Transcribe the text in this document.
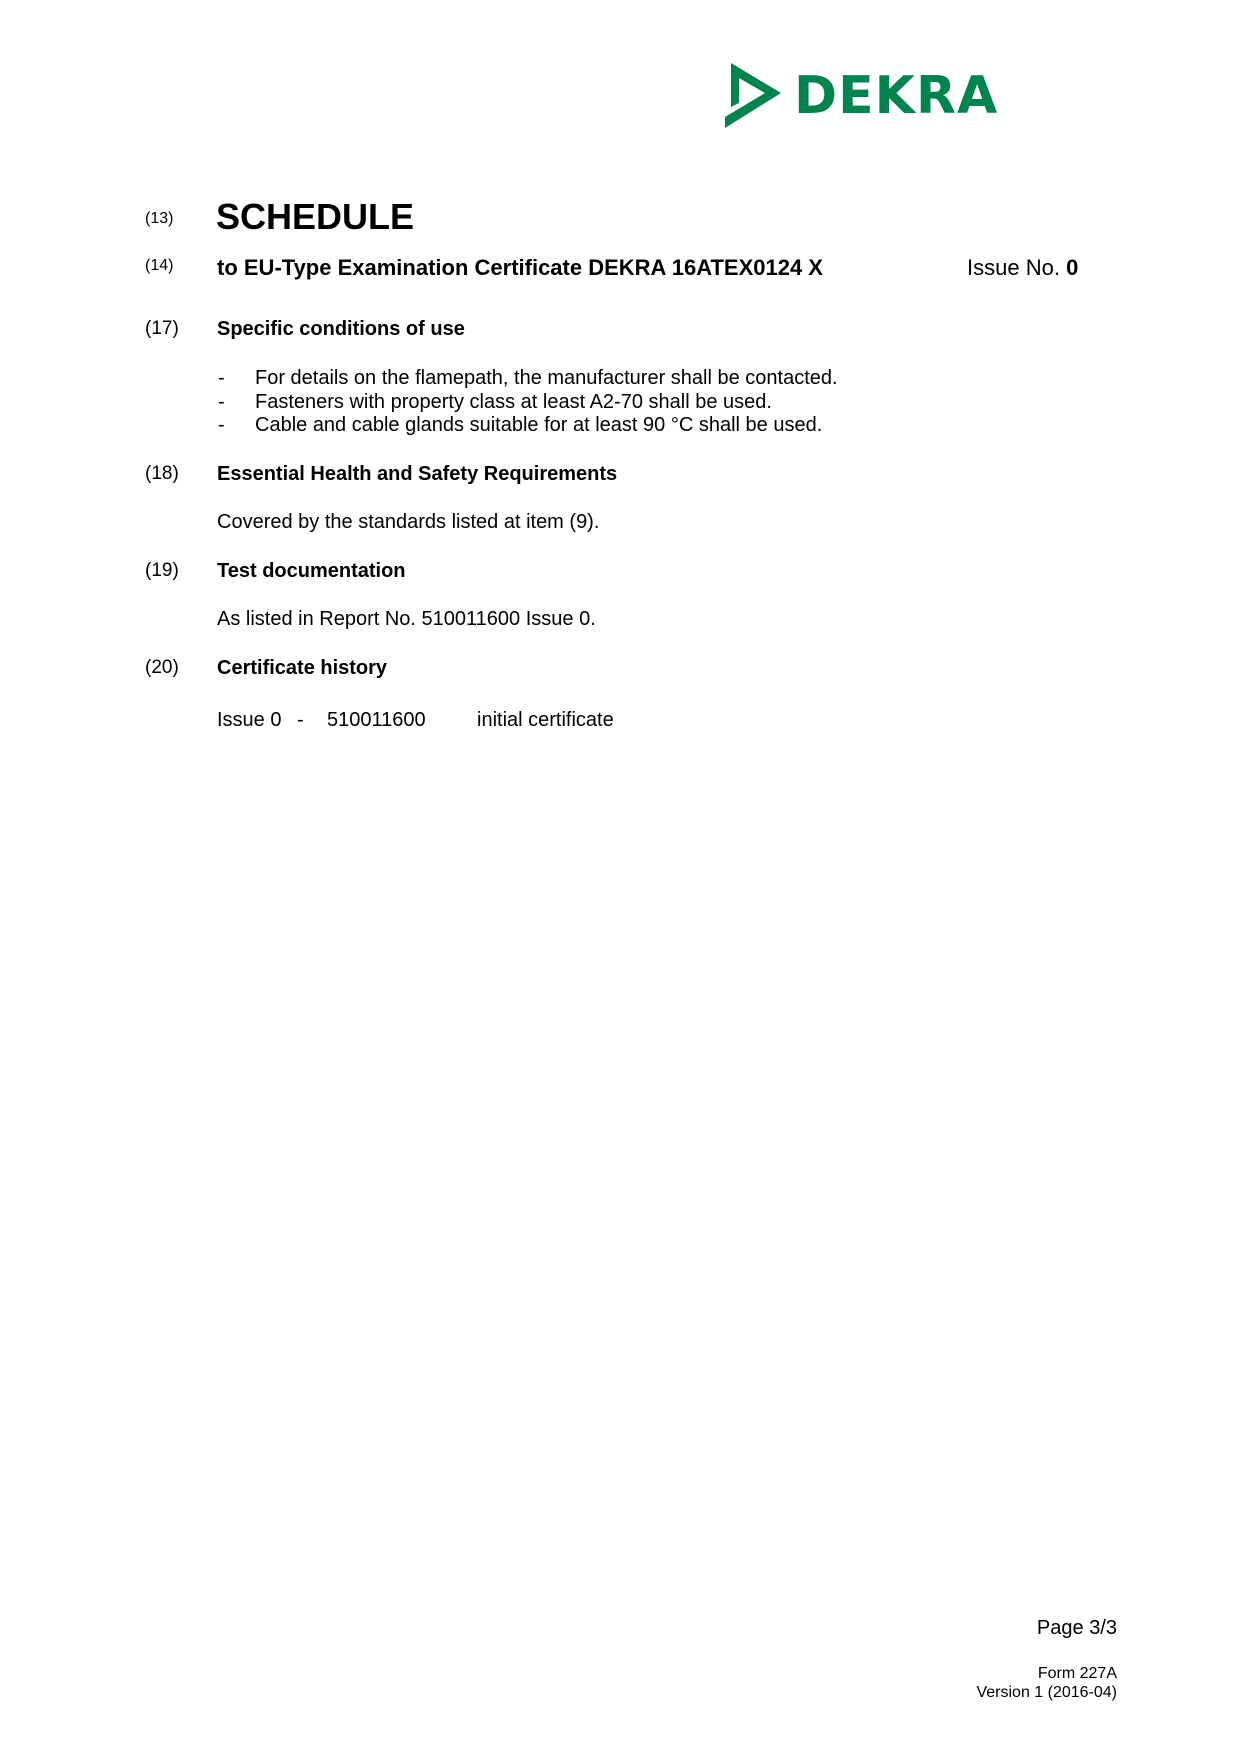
DEKRA
(13) SCHEDULE
(14) to EU-Type Examination Certificate DEKRA 16ATEX0124 X	Issue No. 0
(17) Specific conditions of use
- For details on the flamepath, the manufacturer shall be contacted.
- Fasteners with property class at least A2-70 shall be used.
- Cable and cable glands suitable for at least 90 °C shall be used.
(18) Essential Health and Safety Requirements
Covered by the standards listed at item (9).
(19) Test documentation
As listed in Report No. 510011600 Issue 0.
(20) Certificate history
Issue 0 - 510011600	initial certificate
Page 3/3
Form 227A
Version 1 (2016-04)
